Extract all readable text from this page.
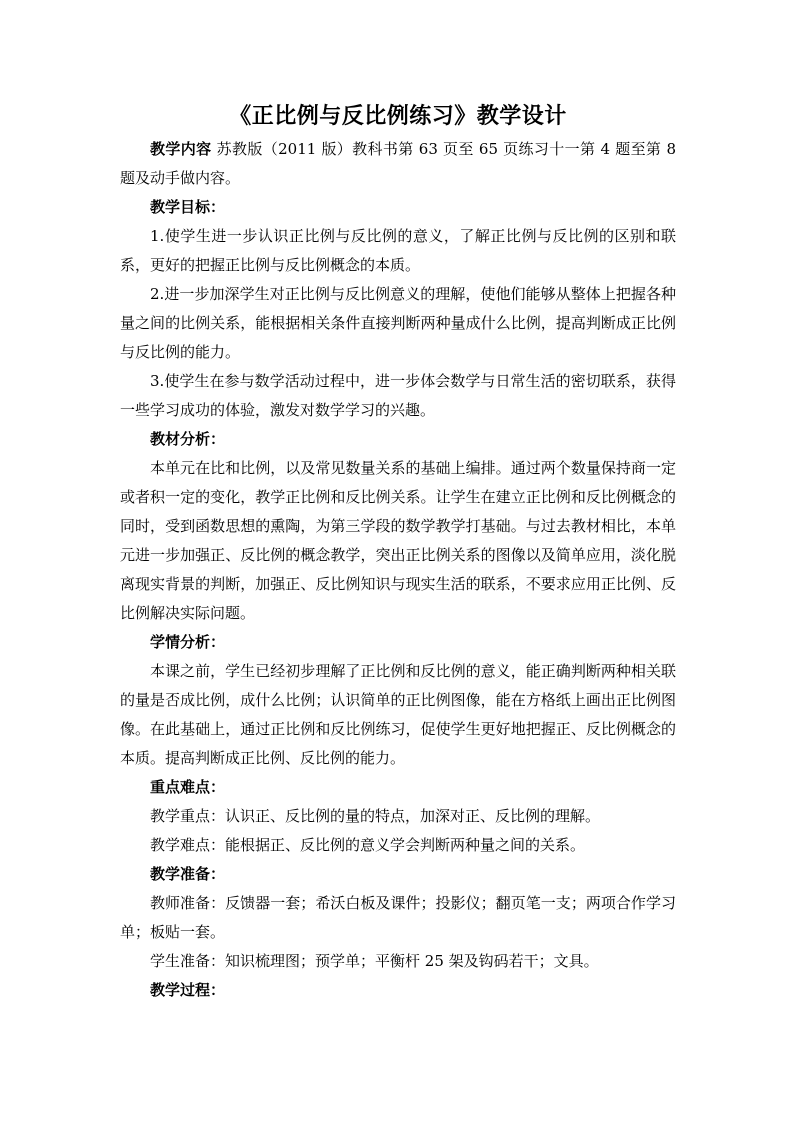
《正比例与反比例练习》教学设计

教学内容 苏教版（2011 版）教科书第 63 页至 65 页练习十一第 4 题至第 8 题及动手做内容。

教学目标：

1.使学生进一步认识正比例与反比例的意义，了解正比例与反比例的区别和联系，更好的把握正比例与反比例概念的本质。

2.进一步加深学生对正比例与反比例意义的理解，使他们能够从整体上把握各种量之间的比例关系，能根据相关条件直接判断两种量成什么比例，提高判断成正比例与反比例的能力。

3.使学生在参与数学活动过程中，进一步体会数学与日常生活的密切联系，获得一些学习成功的体验，激发对数学学习的兴趣。

教材分析：

本单元在比和比例，以及常见数量关系的基础上编排。通过两个数量保持商一定或者积一定的变化，教学正比例和反比例关系。让学生在建立正比例和反比例概念的同时，受到函数思想的熏陶，为第三学段的数学教学打基础。与过去教材相比，本单元进一步加强正、反比例的概念教学，突出正比例关系的图像以及简单应用，淡化脱离现实背景的判断，加强正、反比例知识与现实生活的联系，不要求应用正比例、反比例解决实际问题。

学情分析：

本课之前，学生已经初步理解了正比例和反比例的意义，能正确判断两种相关联的量是否成比例，成什么比例；认识简单的正比例图像，能在方格纸上画出正比例图像。在此基础上，通过正比例和反比例练习，促使学生更好地把握正、反比例概念的本质。提高判断成正比例、反比例的能力。

重点难点：

教学重点：认识正、反比例的量的特点，加深对正、反比例的理解。

教学难点：能根据正、反比例的意义学会判断两种量之间的关系。

教学准备：

教师准备：反馈器一套；希沃白板及课件；投影仪；翻页笔一支；两项合作学习单；板贴一套。

学生准备：知识梳理图；预学单；平衡杆 25 架及钩码若干；文具。

教学过程：
